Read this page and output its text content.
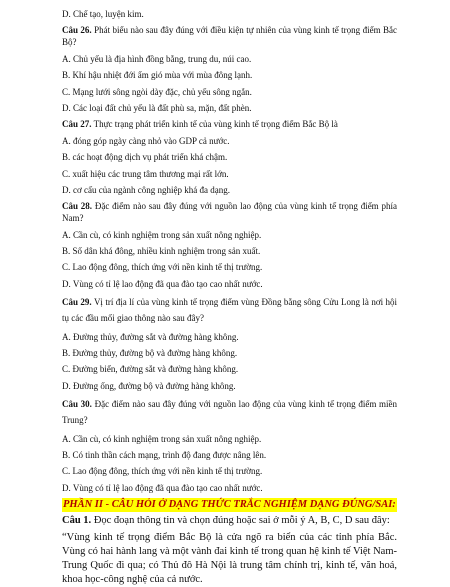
D. Chế tạo, luyện kim.

Câu 26. Phát biểu nào sau đây đúng với điều kiện tự nhiên của vùng kinh tế trọng điểm Bắc Bộ?

A. Chủ yếu là địa hình đồng bằng, trung du, núi cao.

B. Khí hậu nhiệt đới ẩm gió mùa với mùa đông lạnh.

C. Mạng lưới sông ngòi dày đặc, chủ yếu sông ngắn.

D. Các loại đất chủ yếu là đất phù sa, mặn, đất phèn.

Câu 27. Thực trạng phát triển kinh tế của vùng kinh tế trọng điểm Bắc Bộ là

A. đóng góp ngày càng nhỏ vào GDP cả nước.

B. các hoạt động dịch vụ phát triển khá chậm.

C. xuất hiệu các trung tâm thương mại rất lớn.

D. cơ cấu của ngành công nghiệp khá đa dạng.

Câu 28. Đặc điểm nào sau đây đúng với nguồn lao động của vùng kinh tế trọng điểm phía Nam?

A. Cần cù, có kinh nghiệm trong sản xuất nông nghiệp.

B. Số dân khá đông, nhiều kinh nghiệm trong sản xuất.

C. Lao động đông, thích ứng với nền kinh tế thị trường.

D. Vùng có tỉ lệ lao động đã qua đào tạo cao nhất nước.

Câu 29. Vị trí địa lí của vùng kinh tế trọng điểm vùng Đồng bằng sông Cửu Long là nơi hội tụ các đầu mối giao thông nào sau đây?

A. Đường thủy, đường sắt và đường hàng không.

B. Đường thủy, đường bộ và đường hàng không.

C. Đường biển, đường sắt và đường hàng không.

D. Đường ống, đường bộ và đường hàng không.

Câu 30. Đặc điểm nào sau đây đúng với nguồn lao động của vùng kinh tế trọng điểm miền Trung?

A. Cần cù, có kinh nghiệm trong sản xuất nông nghiệp.

B. Có tinh thần cách mạng, trình độ đang được nâng lên.

C. Lao động đông, thích ứng với nền kinh tế thị trường.

D. Vùng có tỉ lệ lao động đã qua đào tạo cao nhất nước.

PHẦN II - CÂU HỎI Ở DẠNG THỨC TRẮC NGHIỆM DẠNG ĐÚNG/SAI:

Câu 1. Đọc đoạn thông tin và chọn đúng hoặc sai ở mỗi ý A, B, C, D sau đây:

“Vùng kinh tế trọng điểm Bắc Bộ là cửa ngõ ra biển của các tỉnh phía Bắc. Vùng có hai hành lang và một vành đai kinh tế trong quan hệ kinh tế Việt Nam-Trung Quốc đi qua; có Thủ đô Hà Nội là trung tâm chính trị, kinh tế, văn hoá, khoa học-công nghệ của cả nước.
